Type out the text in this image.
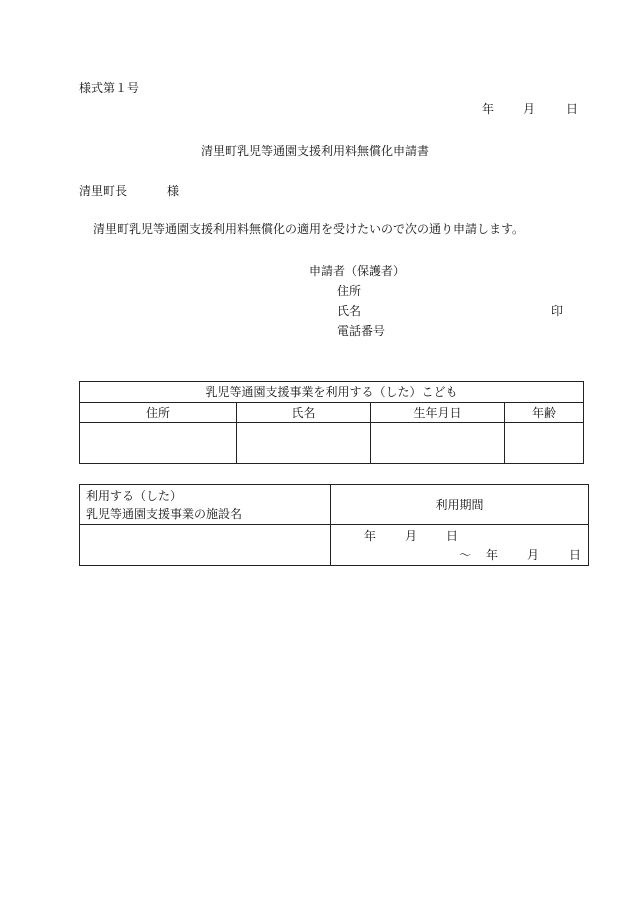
様式第１号
年 月	日
清里町乳児等通園支援利用料無償化申請書
清里町長	様
清里町乳児等通園支援利用料無償化の適用を受けたいので次の通り申請します。
申請者（保護者）
住所
氏名	印
電話番号
乳児等通園支援事業を利用する（した）こども			
住所	氏名	生年月日	年齢

利用する（した）
乳児等通園支援事業の施設名	利用期間

	年 月 日
～ 年 月 日
